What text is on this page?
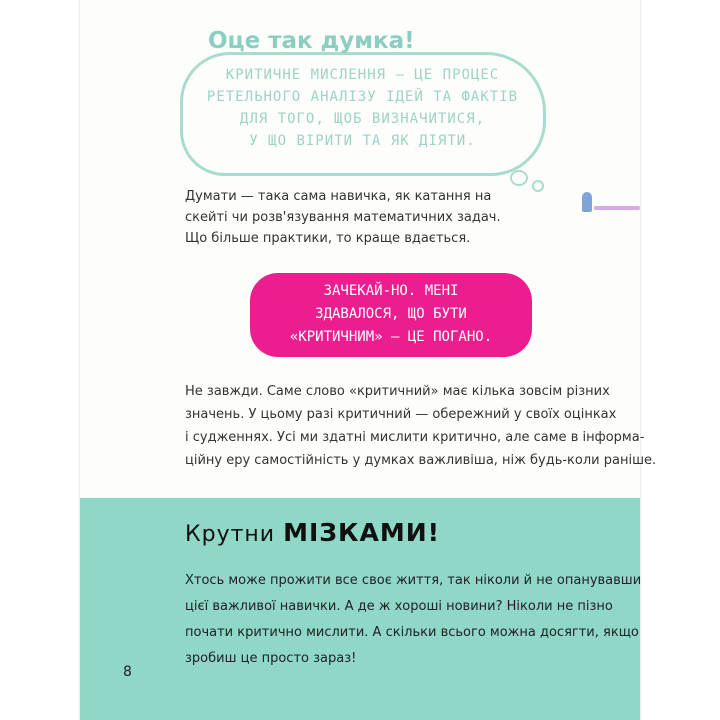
Оце так думка!
КРИТИЧНЕ МИСЛЕННЯ — ЦЕ ПРОЦЕС
РЕТЕЛЬНОГО АНАЛІЗУ ІДЕЙ ТА ФАКТІВ
ДЛЯ ТОГО, ЩОБ ВИЗНАЧИТИСЯ,
У ЩО ВІРИТИ ТА ЯК ДІЯТИ.
Думати — така сама навичка, як катання на
скейті чи розв'язування математичних задач.
Що більше практики, то краще вдається.
ЗАЧЕКАЙ-НО. МЕНІ
ЗДАВАЛОСЯ, ЩО БУТИ
«КРИТИЧНИМ» — ЦЕ ПОГАНО.
Не завжди. Саме слово «критичний» має кілька зовсім різних
значень. У цьому разі критичний — обережний у своїх оцінках
і судженнях. Усі ми здатні мислити критично, але саме в інформа-
ційну еру самостійність у думках важливіша, ніж будь-коли раніше.
Крутни МІЗКАМИ!
Хтось може прожити все своє життя, так ніколи й не опанувавши
цієї важливої навички. А де ж хороші новини? Ніколи не пізно
почати критично мислити. А скільки всього можна досягти, якщо
зробиш це просто зараз!
8
